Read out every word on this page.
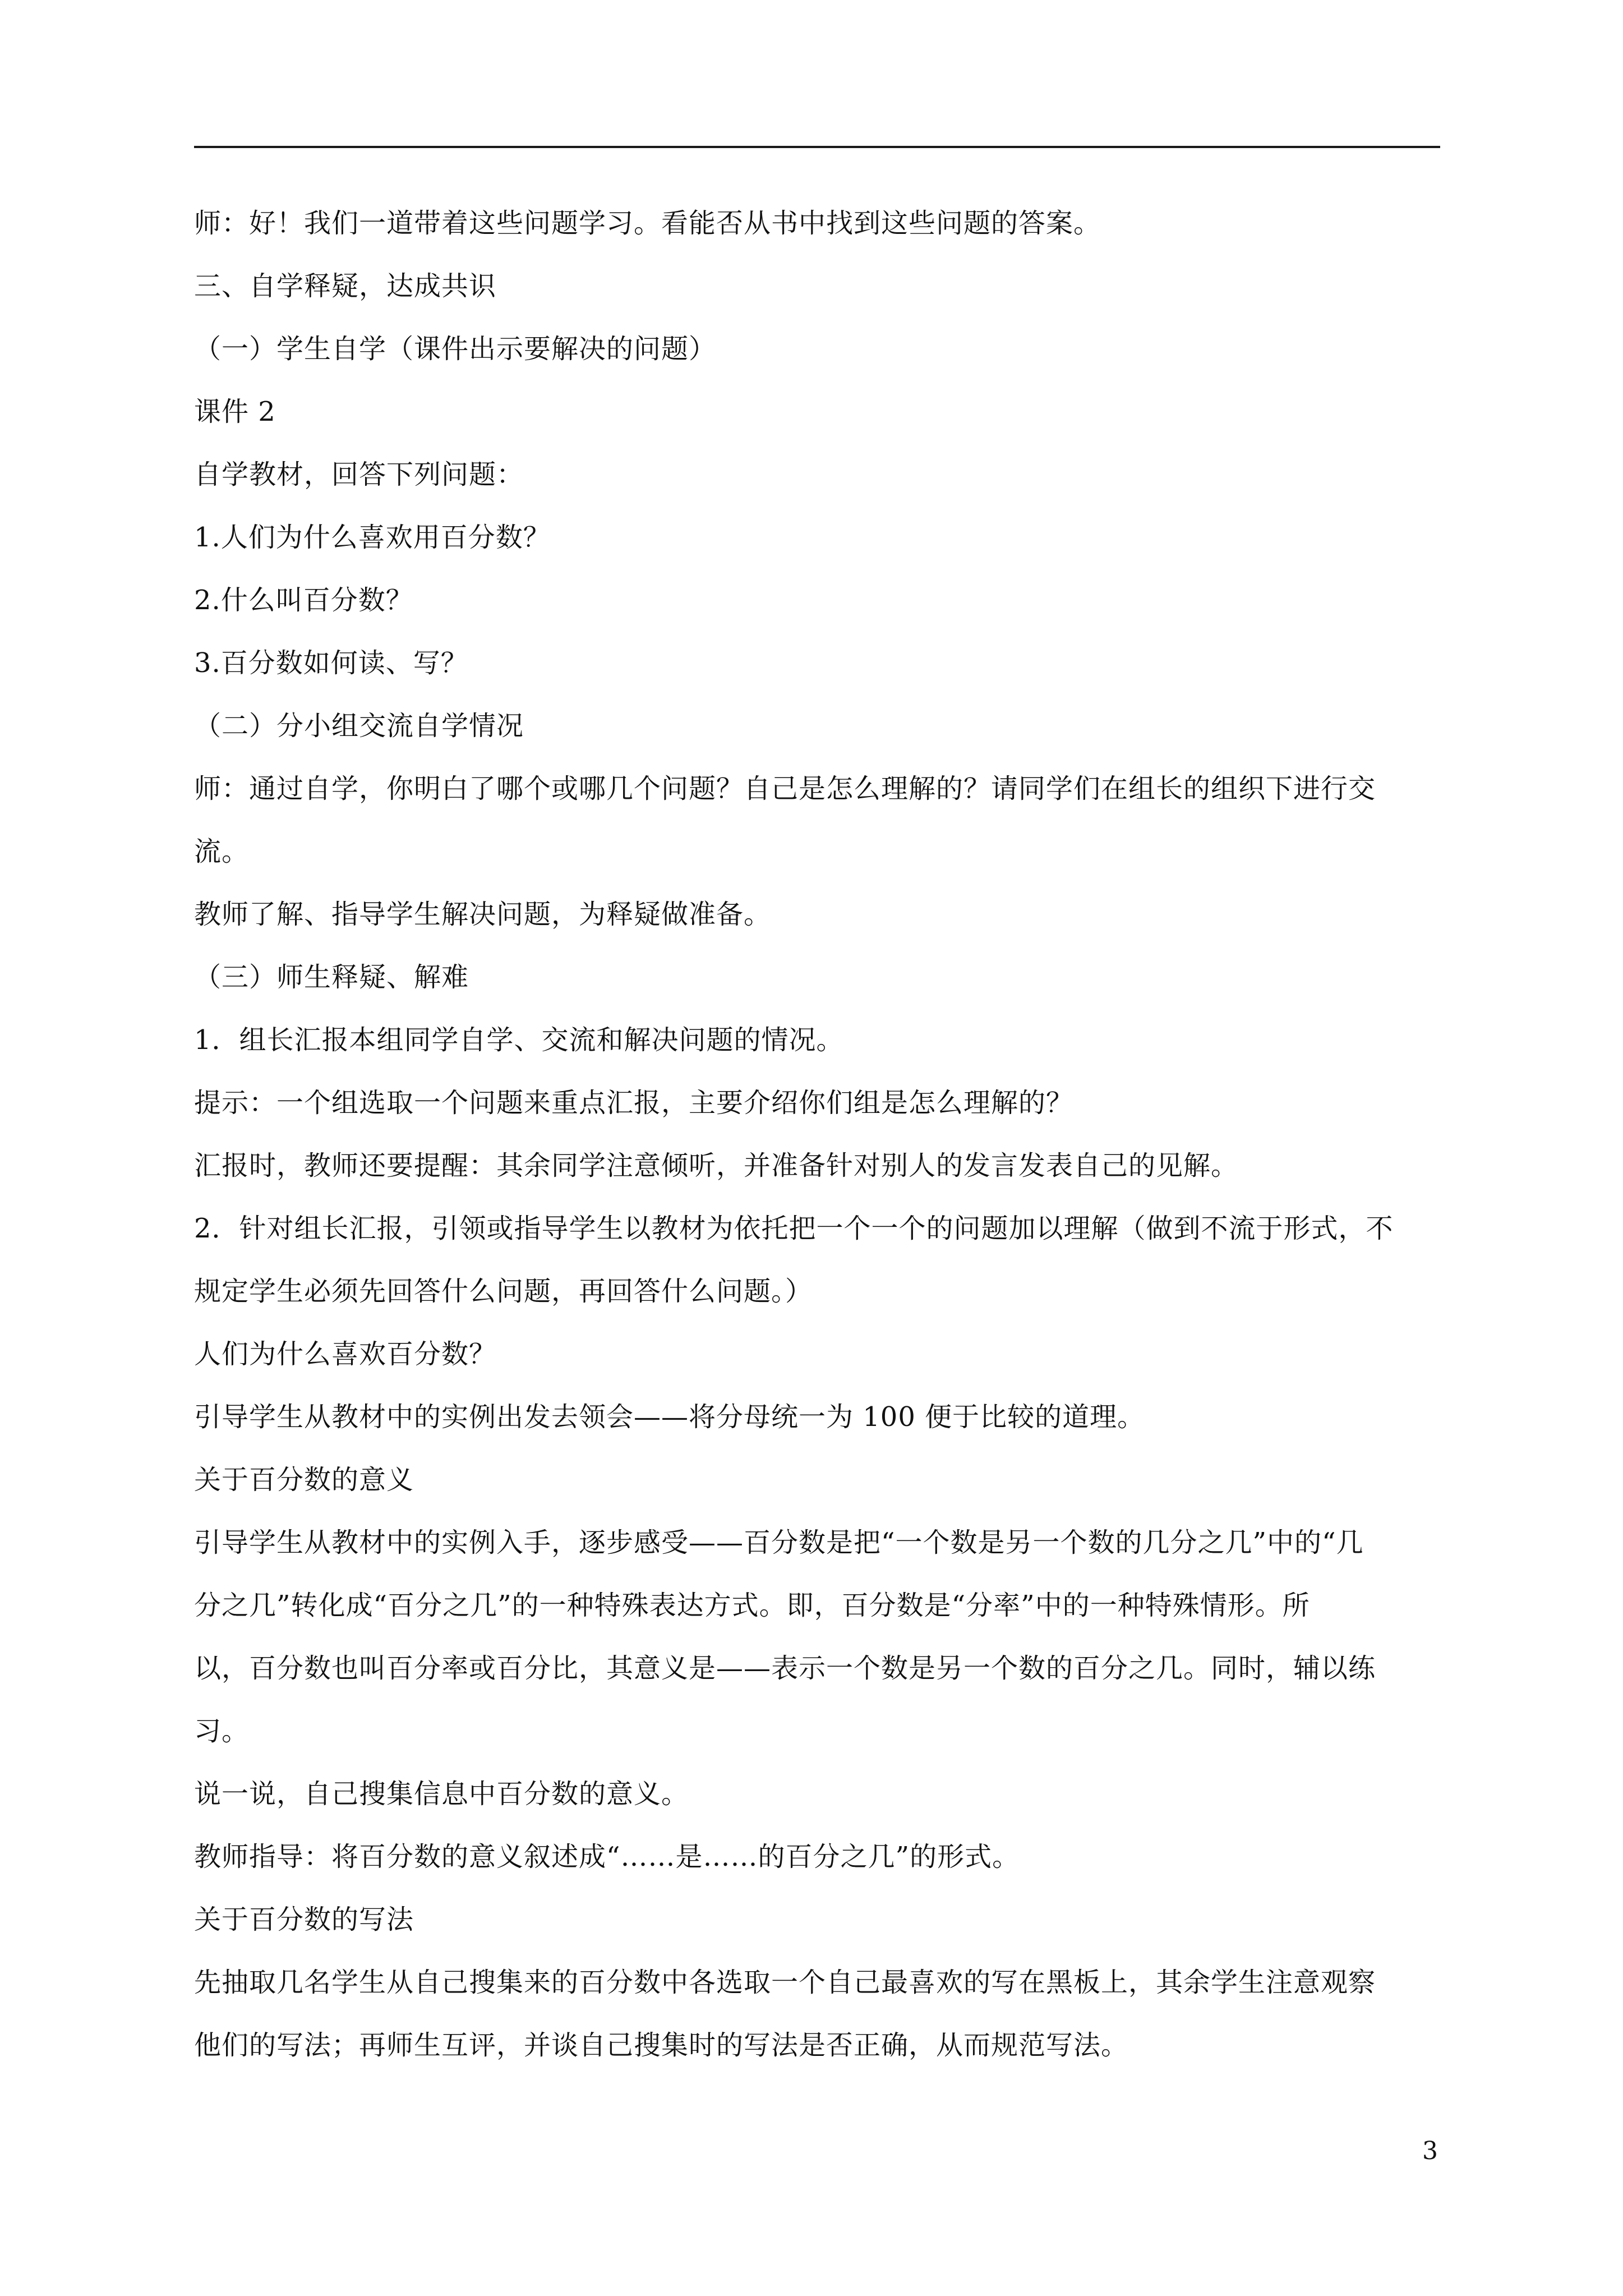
师：好！我们一道带着这些问题学习。看能否从书中找到这些问题的答案。
三、自学释疑，达成共识
（一）学生自学（课件出示要解决的问题）
课件 2
自学教材，回答下列问题：
1.人们为什么喜欢用百分数？
2.什么叫百分数？
3.百分数如何读、写？
（二）分小组交流自学情况
师：通过自学，你明白了哪个或哪几个问题？自己是怎么理解的？请同学们在组长的组织下进行交
流。
教师了解、指导学生解决问题，为释疑做准备。
（三）师生释疑、解难
1．组长汇报本组同学自学、交流和解决问题的情况。
提示：一个组选取一个问题来重点汇报，主要介绍你们组是怎么理解的？
汇报时，教师还要提醒：其余同学注意倾听，并准备针对别人的发言发表自己的见解。
2．针对组长汇报，引领或指导学生以教材为依托把一个一个的问题加以理解（做到不流于形式，不
规定学生必须先回答什么问题，再回答什么问题。）
人们为什么喜欢百分数？
引导学生从教材中的实例出发去领会——将分母统一为 100 便于比较的道理。
关于百分数的意义
引导学生从教材中的实例入手，逐步感受——百分数是把“一个数是另一个数的几分之几”中的“几
分之几”转化成“百分之几”的一种特殊表达方式。即，百分数是“分率”中的一种特殊情形。所
以，百分数也叫百分率或百分比，其意义是——表示一个数是另一个数的百分之几。同时，辅以练
习。
说一说，自己搜集信息中百分数的意义。
教师指导：将百分数的意义叙述成“……是……的百分之几”的形式。
关于百分数的写法
先抽取几名学生从自己搜集来的百分数中各选取一个自己最喜欢的写在黑板上，其余学生注意观察
他们的写法；再师生互评，并谈自己搜集时的写法是否正确，从而规范写法。
3
